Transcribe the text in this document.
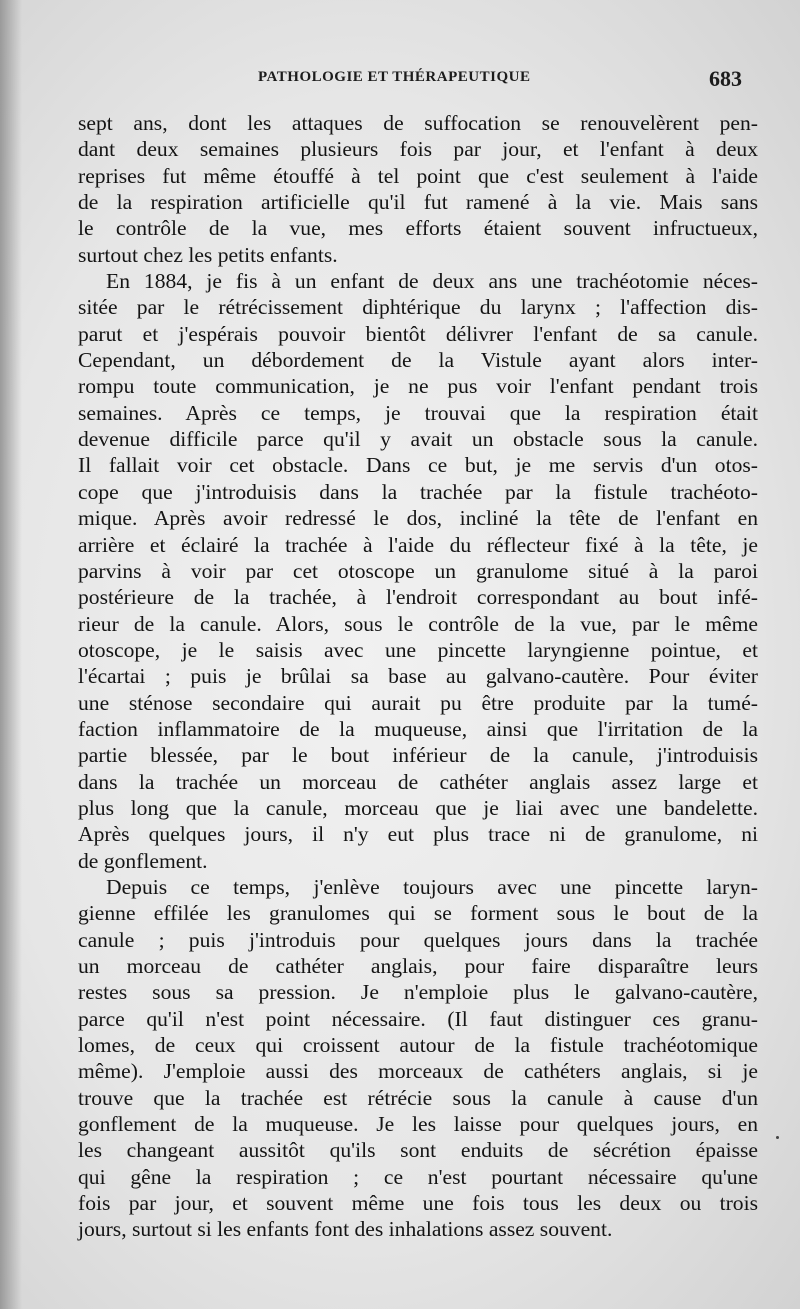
PATHOLOGIE ET THÉRAPEUTIQUE	683
sept ans, dont les attaques de suffocation se renouvelèrent pen-
dant deux semaines plusieurs fois par jour, et l'enfant à deux
reprises fut même étouffé à tel point que c'est seulement à l'aide
de la respiration artificielle qu'il fut ramené à la vie. Mais sans
le contrôle de la vue, mes efforts étaient souvent infructueux,
surtout chez les petits enfants.
En 1884, je fis à un enfant de deux ans une trachéotomie néces-
sitée par le rétrécissement diphtérique du larynx ; l'affection dis-
parut et j'espérais pouvoir bientôt délivrer l'enfant de sa canule.
Cependant, un débordement de la Vistule ayant alors inter-
rompu toute communication, je ne pus voir l'enfant pendant trois
semaines. Après ce temps, je trouvai que la respiration était
devenue difficile parce qu'il y avait un obstacle sous la canule.
Il fallait voir cet obstacle. Dans ce but, je me servis d'un otos-
cope que j'introduisis dans la trachée par la fistule trachéoto-
mique. Après avoir redressé le dos, incliné la tête de l'enfant en
arrière et éclairé la trachée à l'aide du réflecteur fixé à la tête, je
parvins à voir par cet otoscope un granulome situé à la paroi
postérieure de la trachée, à l'endroit correspondant au bout infé-
rieur de la canule. Alors, sous le contrôle de la vue, par le même
otoscope, je le saisis avec une pincette laryngienne pointue, et
l'écartai ; puis je brûlai sa base au galvano-cautère. Pour éviter
une sténose secondaire qui aurait pu être produite par la tumé-
faction inflammatoire de la muqueuse, ainsi que l'irritation de la
partie blessée, par le bout inférieur de la canule, j'introduisis
dans la trachée un morceau de cathéter anglais assez large et
plus long que la canule, morceau que je liai avec une bandelette.
Après quelques jours, il n'y eut plus trace ni de granulome, ni
de gonflement.
Depuis ce temps, j'enlève toujours avec une pincette laryn-
gienne effilée les granulomes qui se forment sous le bout de la
canule ; puis j'introduis pour quelques jours dans la trachée
un morceau de cathéter anglais, pour faire disparaître leurs
restes sous sa pression. Je n'emploie plus le galvano-cautère,
parce qu'il n'est point nécessaire. (Il faut distinguer ces granu-
lomes, de ceux qui croissent autour de la fistule trachéotomique
même). J'emploie aussi des morceaux de cathéters anglais, si je
trouve que la trachée est rétrécie sous la canule à cause d'un
gonflement de la muqueuse. Je les laisse pour quelques jours, en
les changeant aussitôt qu'ils sont enduits de sécrétion épaisse
qui gêne la respiration ; ce n'est pourtant nécessaire qu'une
fois par jour, et souvent même une fois tous les deux ou trois
jours, surtout si les enfants font des inhalations assez souvent.
